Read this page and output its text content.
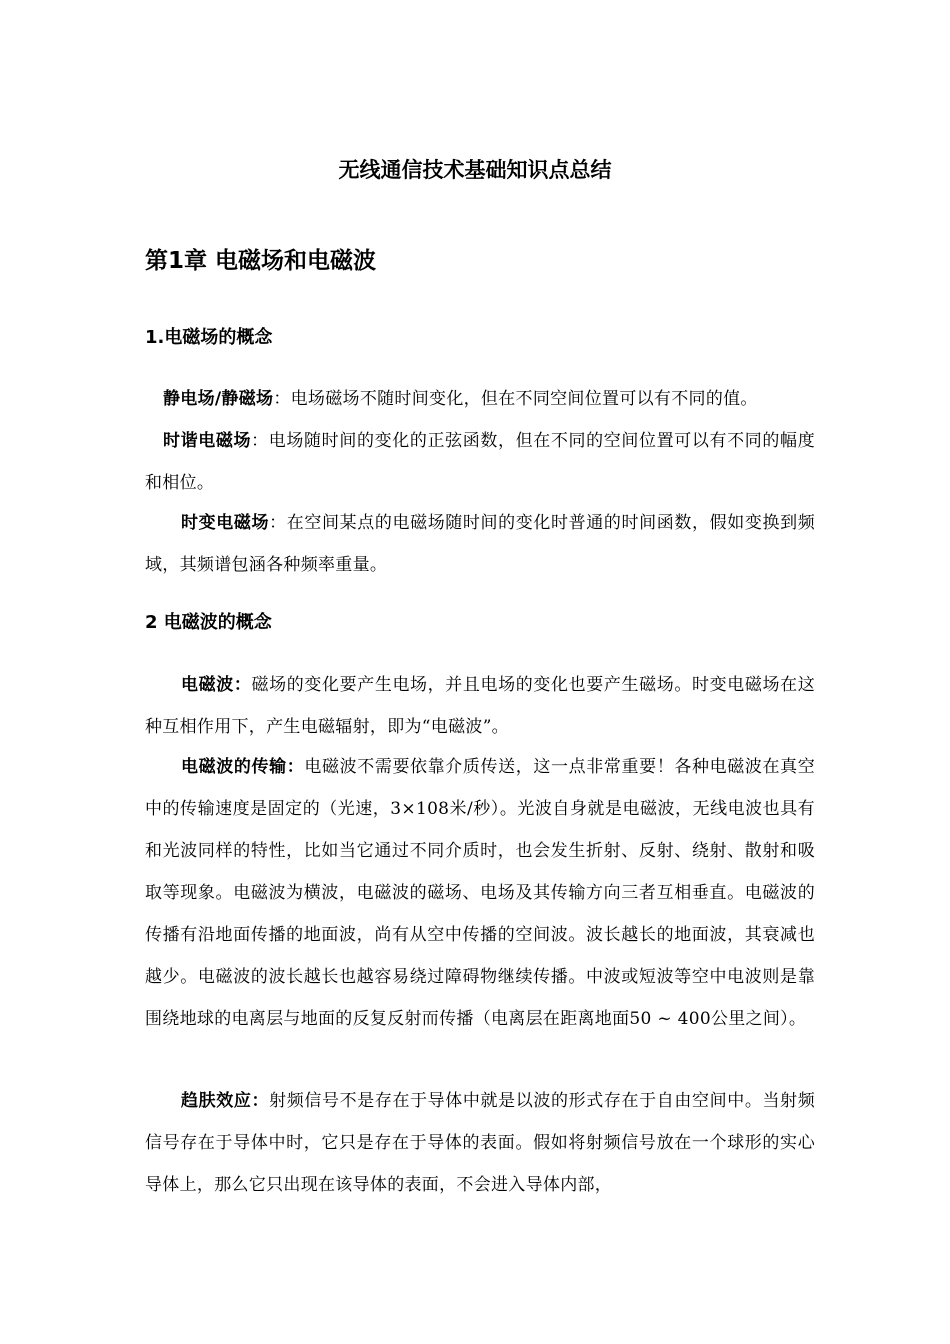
无线通信技术基础知识点总结
第1章 电磁场和电磁波
1.电磁场的概念

静电场/静磁场：电场磁场不随时间变化，但在不同空间位置可以有不同的值。

时谐电磁场：电场随时间的变化的正弦函数，但在不同的空间位置可以有不同的幅度和相位。

时变电磁场：在空间某点的电磁场随时间的变化时普通的时间函数，假如变换到频域，其频谱包涵各种频率重量。

2 电磁波的概念

电磁波：磁场的变化要产生电场，并且电场的变化也要产生磁场。时变电磁场在这种互相作用下，产生电磁辐射，即为“电磁波”。

电磁波的传输：电磁波不需要依靠介质传送，这一点非常重要！各种电磁波在真空中的传输速度是固定的（光速，3×108米/秒）。光波自身就是电磁波，无线电波也具有和光波同样的特性，比如当它通过不同介质时，也会发生折射、反射、绕射、散射和吸取等现象。电磁波为横波，电磁波的磁场、电场及其传输方向三者互相垂直。电磁波的传播有沿地面传播的地面波，尚有从空中传播的空间波。波长越长的地面波，其衰减也越少。电磁波的波长越长也越容易绕过障碍物继续传播。中波或短波等空中电波则是靠围绕地球的电离层与地面的反复反射而传播（电离层在距离地面50 ~ 400公里之间）。

趋肤效应：射频信号不是存在于导体中就是以波的形式存在于自由空间中。当射频信号存在于导体中时，它只是存在于导体的表面。假如将射频信号放在一个球形的实心导体上，那么它只出现在该导体的表面，不会进入导体内部，
